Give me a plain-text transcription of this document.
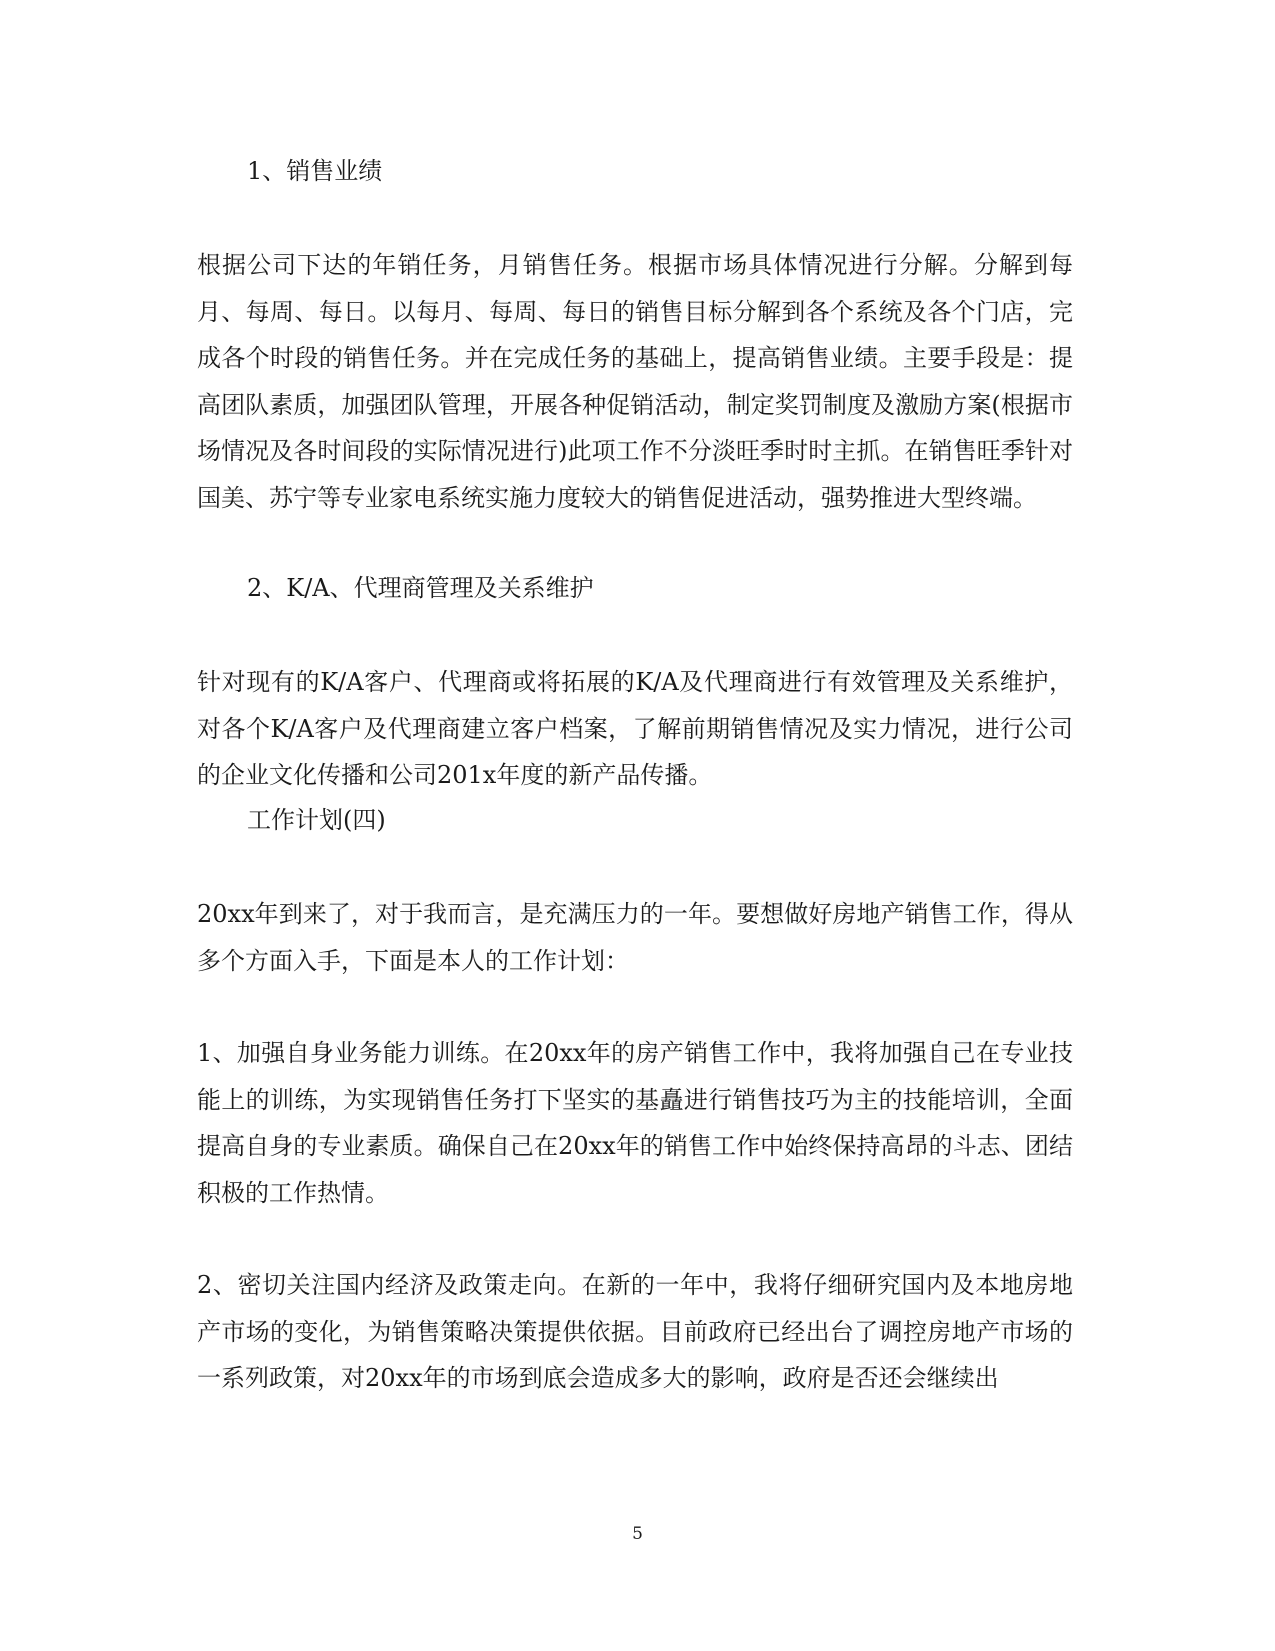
1、销售业绩

根据公司下达的年销任务，月销售任务。根据市场具体情况进行分解。分解到每月、每周、每日。以每月、每周、每日的销售目标分解到各个系统及各个门店，完成各个时段的销售任务。并在完成任务的基础上，提高销售业绩。主要手段是：提高团队素质，加强团队管理，开展各种促销活动，制定奖罚制度及激励方案(根据市场情况及各时间段的实际情况进行)此项工作不分淡旺季时时主抓。在销售旺季针对国美、苏宁等专业家电系统实施力度较大的销售促进活动，强势推进大型终端。

2、K/A、代理商管理及关系维护

针对现有的K/A客户、代理商或将拓展的K/A及代理商进行有效管理及关系维护，对各个K/A客户及代理商建立客户档案，了解前期销售情况及实力情况，进行公司的企业文化传播和公司201x年度的新产品传播。

工作计划(四)

20xx年到来了，对于我而言，是充满压力的一年。要想做好房地产销售工作，得从多个方面入手，下面是本人的工作计划：

1、加强自身业务能力训练。在20xx年的房产销售工作中，我将加强自己在专业技能上的训练，为实现销售任务打下坚实的基矗进行销售技巧为主的技能培训，全面提高自身的专业素质。确保自己在20xx年的销售工作中始终保持高昂的斗志、团结积极的工作热情。

2、密切关注国内经济及政策走向。在新的一年中，我将仔细研究国内及本地房地产市场的变化，为销售策略决策提供依据。目前政府已经出台了调控房地产市场的一系列政策，对20xx年的市场到底会造成多大的影响，政府是否还会继续出

5
